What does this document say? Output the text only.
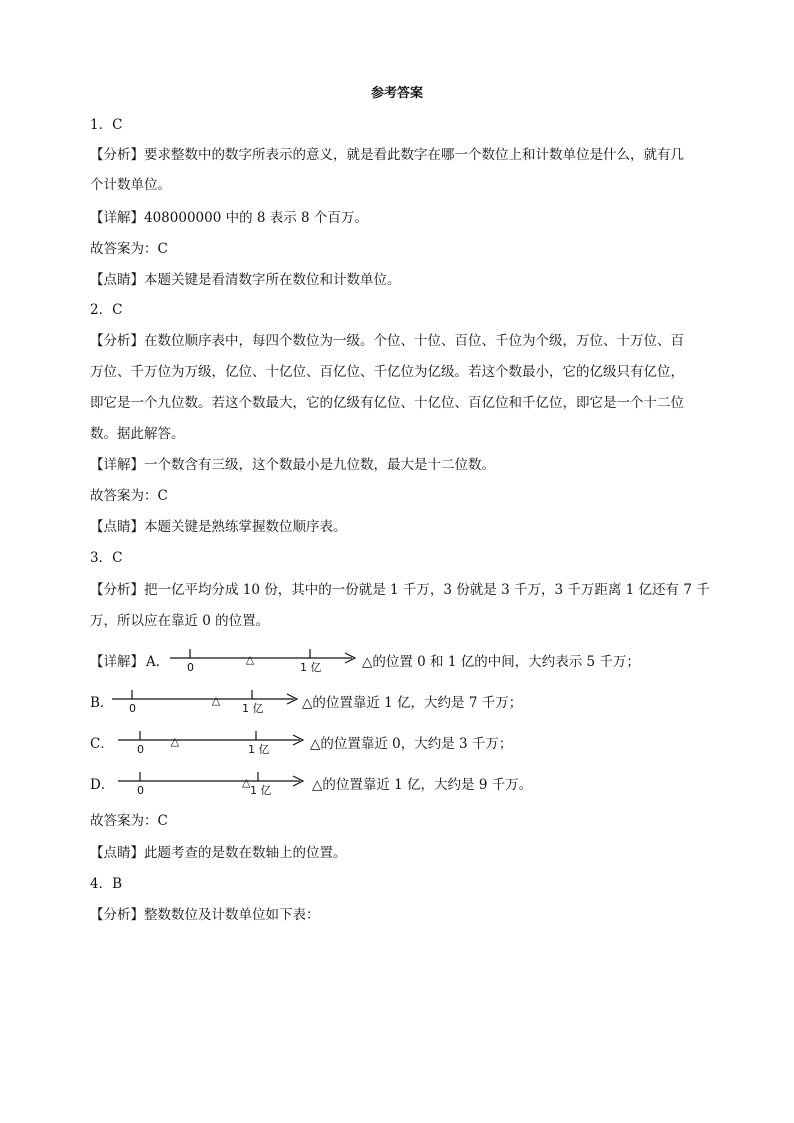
参考答案
1．C
【分析】要求整数中的数字所表示的意义，就是看此数字在哪一个数位上和计数单位是什么，就有几
个计数单位。
【详解】408000000 中的 8 表示 8 个百万。
故答案为：C
【点睛】本题关键是看清数字所在数位和计数单位。
2．C
【分析】在数位顺序表中，每四个数位为一级。个位、十位、百位、千位为个级，万位、十万位、百
万位、千万位为万级，亿位、十亿位、百亿位、千亿位为亿级。若这个数最小，它的亿级只有亿位，
即它是一个九位数。若这个数最大，它的亿级有亿位、十亿位、百亿位和千亿位，即它是一个十二位
数。据此解答。
【详解】一个数含有三级，这个数最小是九位数，最大是十二位数。
故答案为：C
【点睛】本题关键是熟练掌握数位顺序表。
3．C
【分析】把一亿平均分成 10 份，其中的一份就是 1 千万，3 份就是 3 千万，3 千万距离 1 亿还有 7 千
万，所以应在靠近 0 的位置。
【详解】 A． 0	1 亿
△	△的位置 0 和 1 亿的中间，大约表示 5 千万；
B． 0	1 亿
△	△的位置靠近 1 亿，大约是 7 千万；
C． 0	1 亿
△	△的位置靠近 0，大约是 3 千万；
D． 0	1 亿
△	△的位置靠近 1 亿，大约是 9 千万。
故答案为：C
【点睛】此题考查的是数在数轴上的位置。
4．B
【分析】整数数位及计数单位如下表：
